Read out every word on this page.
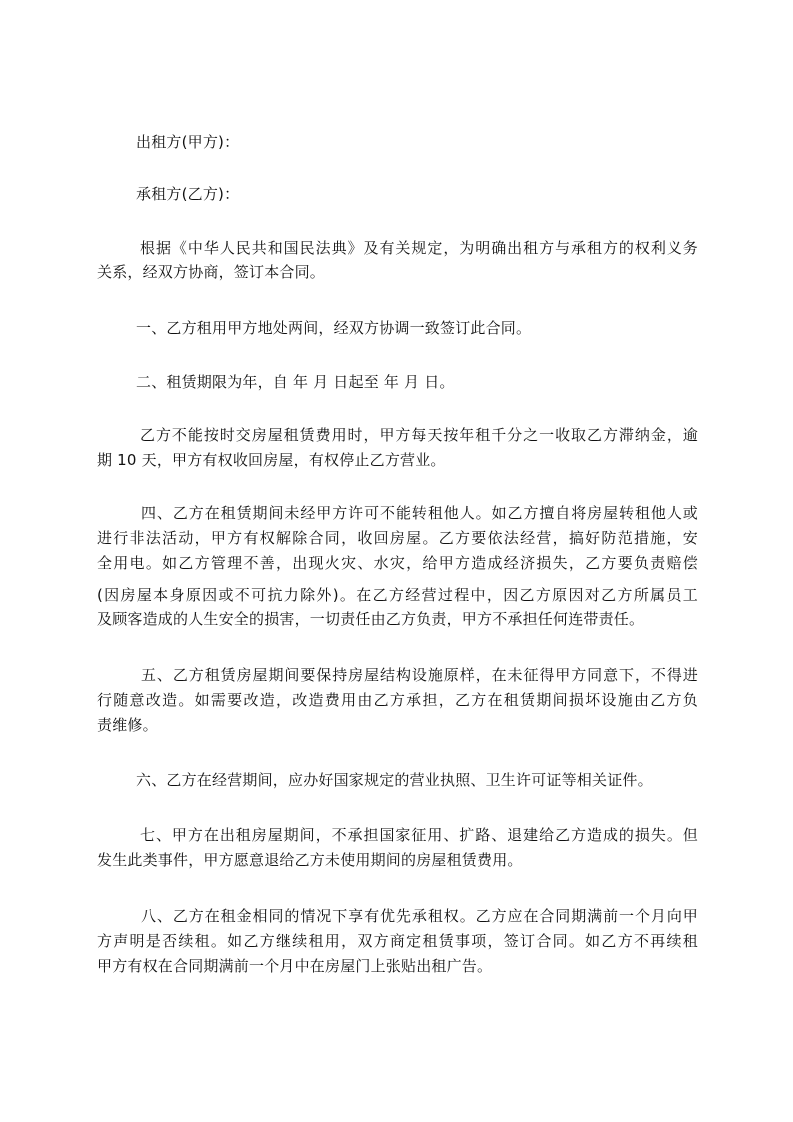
出租方(甲方)：
承租方(乙方)：
根据《中华人民共和国民法典》及有关规定，为明确出租方与承租方的权利义务
关系，经双方协商，签订本合同。
一、乙方租用甲方地处两间，经双方协调一致签订此合同。
二、租赁期限为年，自 年 月 日起至 年 月 日。
乙方不能按时交房屋租赁费用时，甲方每天按年租千分之一收取乙方滞纳金，逾
期 10 天，甲方有权收回房屋，有权停止乙方营业。
四、乙方在租赁期间未经甲方许可不能转租他人。如乙方擅自将房屋转租他人或
进行非法活动，甲方有权解除合同，收回房屋。乙方要依法经营，搞好防范措施，安
全用电。如乙方管理不善，出现火灾、水灾，给甲方造成经济损失，乙方要负责赔偿
(因房屋本身原因或不可抗力除外)。在乙方经营过程中，因乙方原因对乙方所属员工
及顾客造成的人生安全的损害，一切责任由乙方负责，甲方不承担任何连带责任。
五、乙方租赁房屋期间要保持房屋结构设施原样，在未征得甲方同意下，不得进
行随意改造。如需要改造，改造费用由乙方承担，乙方在租赁期间损坏设施由乙方负
责维修。
六、乙方在经营期间，应办好国家规定的营业执照、卫生许可证等相关证件。
七、甲方在出租房屋期间，不承担国家征用、扩路、退建给乙方造成的损失。但
发生此类事件，甲方愿意退给乙方未使用期间的房屋租赁费用。
八、乙方在租金相同的情况下享有优先承租权。乙方应在合同期满前一个月向甲
方声明是否续租。如乙方继续租用，双方商定租赁事项，签订合同。如乙方不再续租
甲方有权在合同期满前一个月中在房屋门上张贴出租广告。
